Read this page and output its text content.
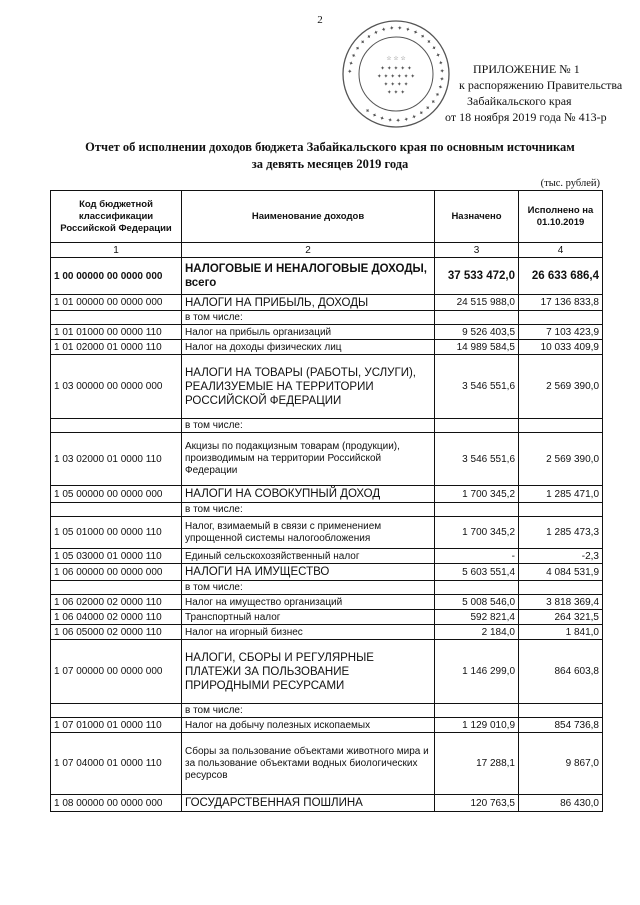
2
✦ ✦ ✦ ✦ ✦ ✦ ✦ ✦ ✦ ✦ ✦ ✦ ✦ ✦ ✦ ✦ ✦ ✦ ✦ ✦ ✦ ✦ ✦ ✦ ✦ ✦ ✦ ✦ ✦ ✦ ✦
☆ ☆ ☆
✦ ✦ ✦ ✦ ✦
✦ ✦ ✦ ✦ ✦ ✦
✦ ✦ ✦ ✦
✦ ✦ ✦
ПРИЛОЖЕНИЕ № 1
к распоряжению Правительства
Забайкальского края
от 18 ноября 2019 года № 413-р
Отчет об исполнении доходов бюджета Забайкальского края по основным источникам
за девять месяцев 2019 года
(тыс. рублей)
Код бюджетной классификации Российской Федерации	Наименование доходов	Назначено	Исполнено на 01.10.2019
1	2	3	4
1 00 00000 00 0000 000	НАЛОГОВЫЕ И НЕНАЛОГОВЫЕ ДОХОДЫ, всего	37 533 472,0	26 633 686,4
1 01 00000 00 0000 000	НАЛОГИ НА ПРИБЫЛЬ, ДОХОДЫ	24 515 988,0	17 136 833,8
	в том числе:		
1 01 01000 00 0000 110	Налог на прибыль организаций	9 526 403,5	7 103 423,9
1 01 02000 01 0000 110	Налог на доходы физических лиц	14 989 584,5	10 033 409,9
1 03 00000 00 0000 000	НАЛОГИ НА ТОВАРЫ (РАБОТЫ, УСЛУГИ), РЕАЛИЗУЕМЫЕ НА ТЕРРИТОРИИ РОССИЙСКОЙ ФЕДЕРАЦИИ	3 546 551,6	2 569 390,0
	в том числе:		
1 03 02000 01 0000 110	Акцизы по подакцизным товарам (продукции), производимым на территории Российской Федерации	3 546 551,6	2 569 390,0
1 05 00000 00 0000 000	НАЛОГИ НА СОВОКУПНЫЙ ДОХОД	1 700 345,2	1 285 471,0
	в том числе:		
1 05 01000 00 0000 110	Налог, взимаемый в связи с применением упрощенной системы налогообложения	1 700 345,2	1 285 473,3
1 05 03000 01 0000 110	Единый сельскохозяйственный налог	-	-2,3
1 06 00000 00 0000 000	НАЛОГИ НА ИМУЩЕСТВО	5 603 551,4	4 084 531,9
	в том числе:		
1 06 02000 02 0000 110	Налог на имущество организаций	5 008 546,0	3 818 369,4
1 06 04000 02 0000 110	Транспортный налог	592 821,4	264 321,5
1 06 05000 02 0000 110	Налог на игорный бизнес	2 184,0	1 841,0
1 07 00000 00 0000 000	НАЛОГИ, СБОРЫ И РЕГУЛЯРНЫЕ ПЛАТЕЖИ ЗА ПОЛЬЗОВАНИЕ ПРИРОДНЫМИ РЕСУРСАМИ	1 146 299,0	864 603,8
	в том числе:		
1 07 01000 01 0000 110	Налог на добычу полезных ископаемых	1 129 010,9	854 736,8
1 07 04000 01 0000 110	Сборы за пользование объектами животного мира и за пользование объектами водных биологических ресурсов	17 288,1	9 867,0
1 08 00000 00 0000 000	ГОСУДАРСТВЕННАЯ ПОШЛИНА	120 763,5	86 430,0
